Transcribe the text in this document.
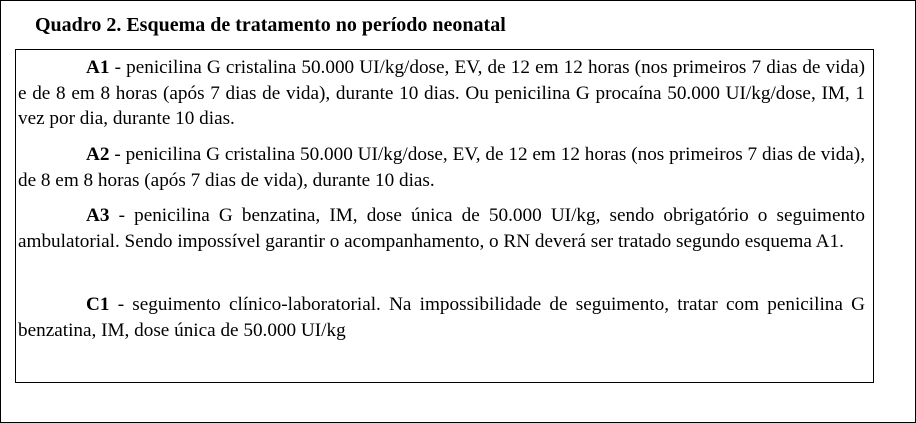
Quadro 2. Esquema de tratamento no período neonatal

A1 - penicilina G cristalina 50.000 UI/kg/dose, EV, de 12 em 12 horas (nos primeiros 7 dias de vida) e de 8 em 8 horas (após 7 dias de vida), durante 10 dias. Ou penicilina G procaína 50.000 UI/kg/dose, IM, 1 vez por dia, durante 10 dias.

A2 - penicilina G cristalina 50.000 UI/kg/dose, EV, de 12 em 12 horas (nos primeiros 7 dias de vida), de 8 em 8 horas (após 7 dias de vida), durante 10 dias.

A3 - penicilina G benzatina, IM, dose única de 50.000 UI/kg, sendo obrigatório o seguimento ambulatorial. Sendo impossível garantir o acompanhamento, o RN deverá ser tratado segundo esquema A1.

C1 - seguimento clínico-laboratorial. Na impossibilidade de seguimento, tratar com penicilina G benzatina, IM, dose única de 50.000 UI/kg
